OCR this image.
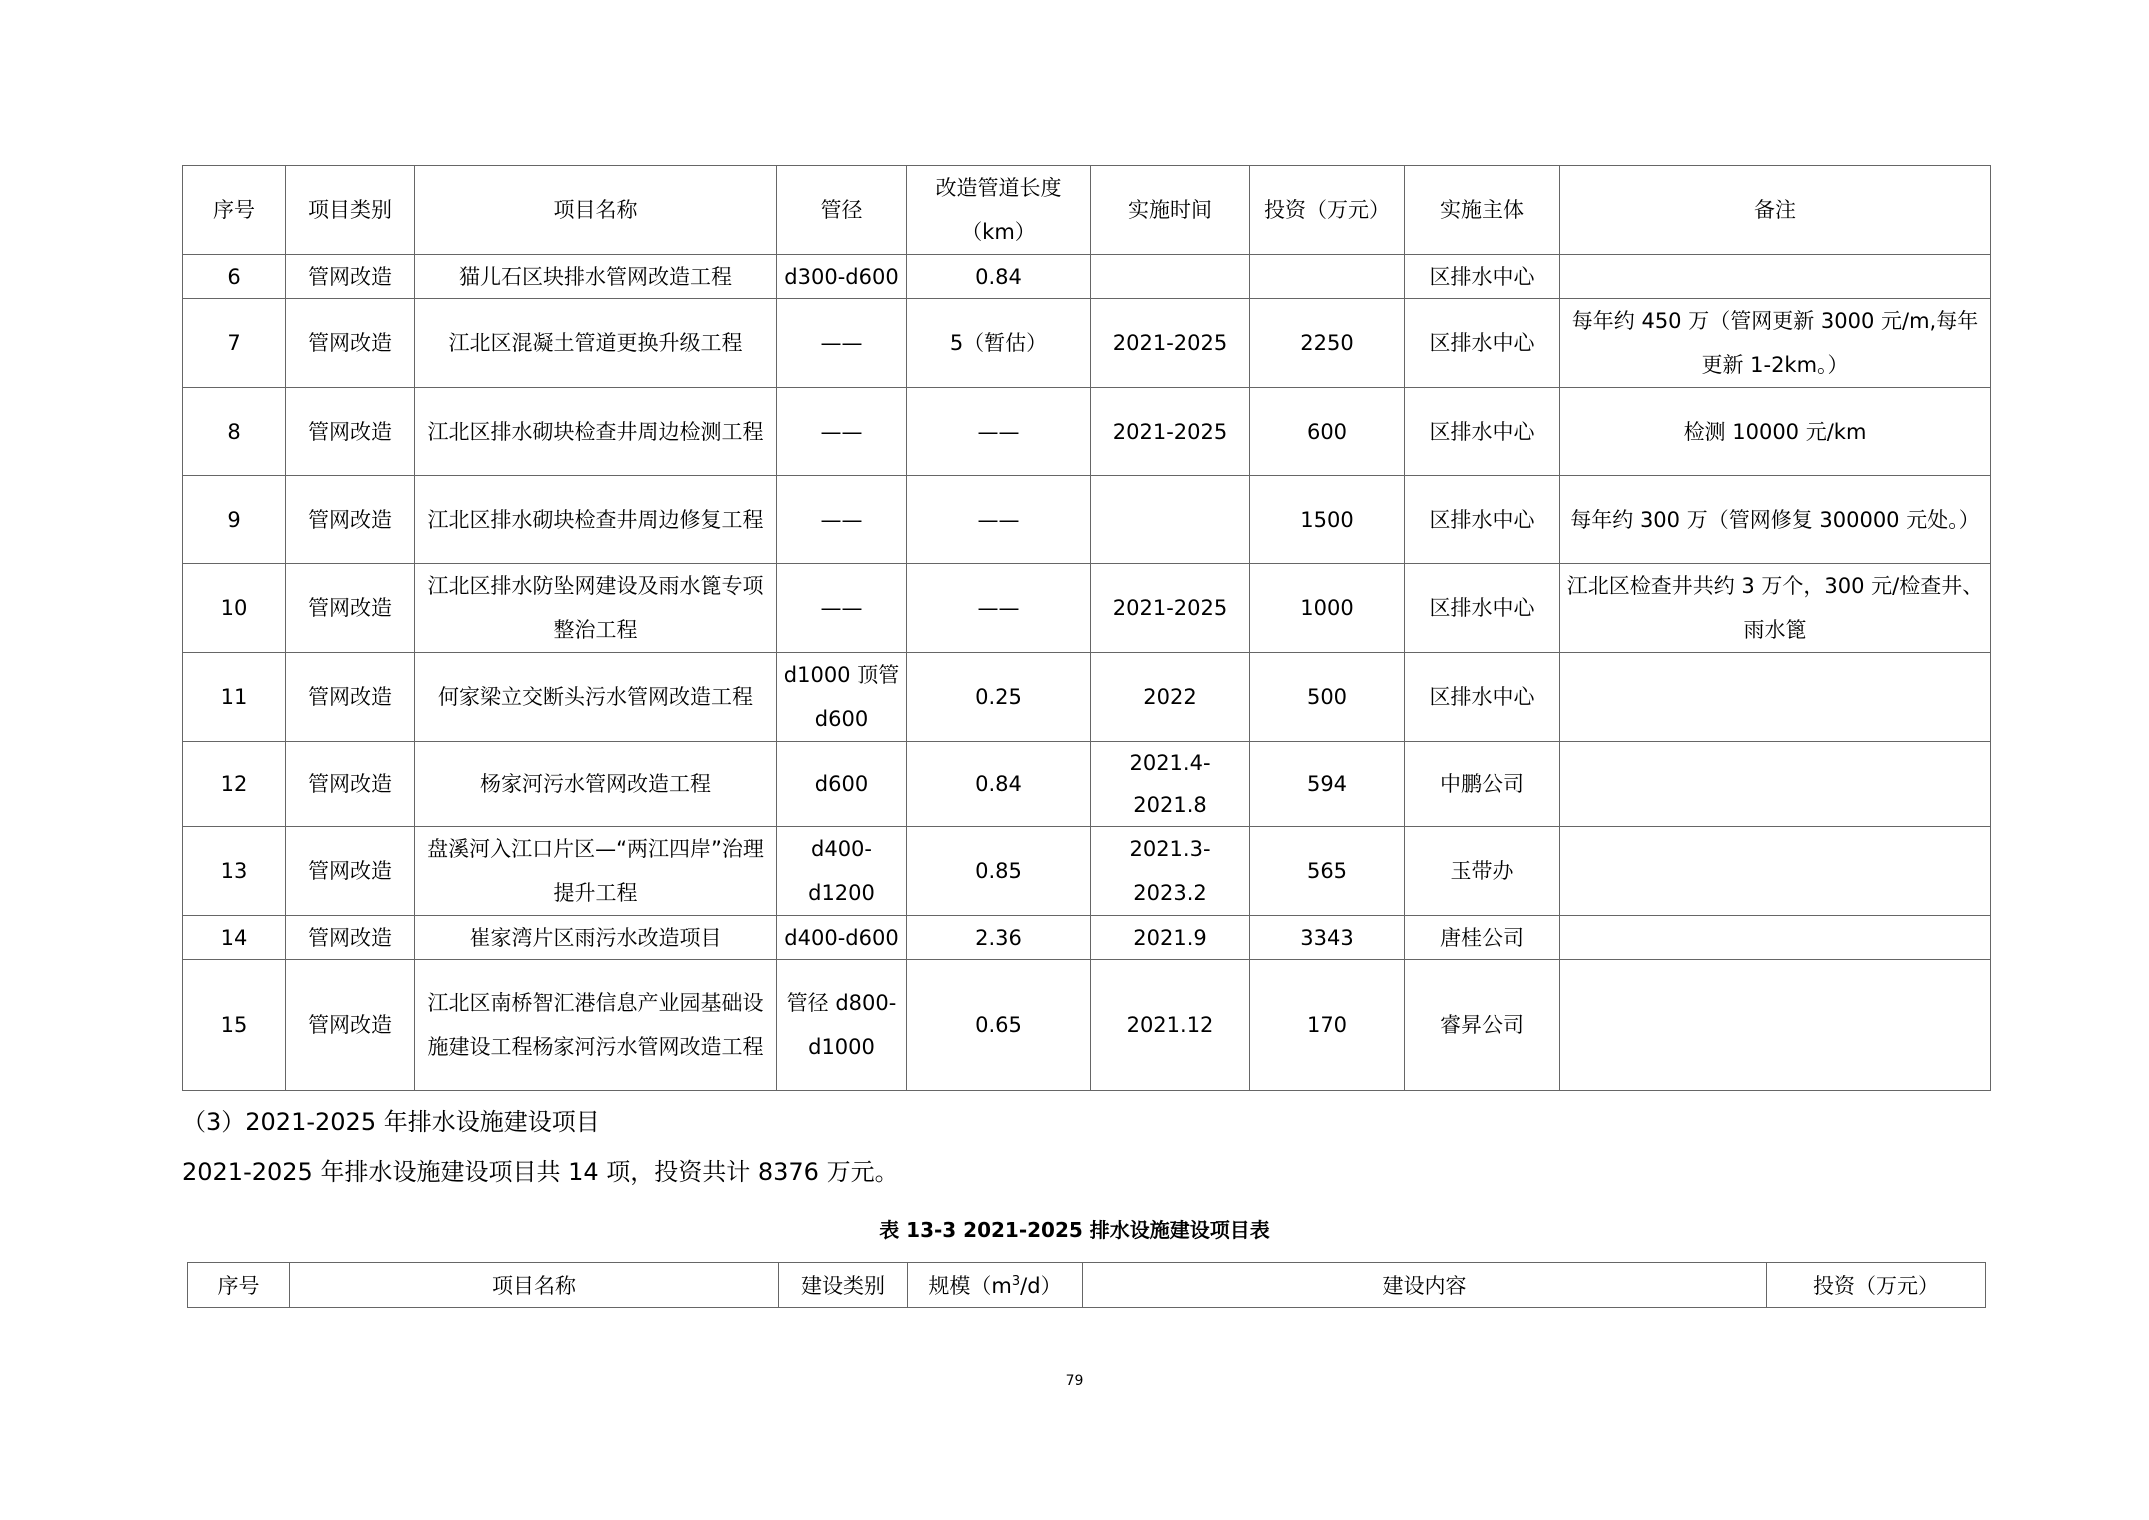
序号	项目类别	项目名称	管径	改造管道长度（km）	实施时间	投资（万元）	实施主体	备注
6	管网改造	猫儿石区块排水管网改造工程	d300-d600	0.84			区排水中心	
7	管网改造	江北区混凝土管道更换升级工程	——	5（暂估）	2021-2025	2250	区排水中心	每年约 450 万（管网更新 3000 元/m,每年更新 1-2km。）
8	管网改造	江北区排水砌块检查井周边检测工程	——	——	2021-2025	600	区排水中心	检测 10000 元/km
9	管网改造	江北区排水砌块检查井周边修复工程	——	——		1500	区排水中心	每年约 300 万（管网修复 300000 元处。）
10	管网改造	江北区排水防坠网建设及雨水篦专项整治工程	——	——	2021-2025	1000	区排水中心	江北区检查井共约 3 万个，300 元/检查井、雨水篦
11	管网改造	何家梁立交断头污水管网改造工程	d1000 顶管 d600	0.25	2022	500	区排水中心	
12	管网改造	杨家河污水管网改造工程	d600	0.84	2021.4-2021.8	594	中鹏公司	
13	管网改造	盘溪河入江口片区—“两江四岸”治理提升工程	d400-d1200	0.85	2021.3-2023.2	565	玉带办	
14	管网改造	崔家湾片区雨污水改造项目	d400-d600	2.36	2021.9	3343	唐桂公司	
15	管网改造	江北区南桥智汇港信息产业园基础设施建设工程杨家河污水管网改造工程	管径 d800-d1000	0.65	2021.12	170	睿昇公司	
（3）2021-2025 年排水设施建设项目
2021-2025 年排水设施建设项目共 14 项，投资共计 8376 万元。
表 13-3 2021-2025 排水设施建设项目表
序号	项目名称	建设类别	规模$(m^3/d)$	建设内容	投资（万元）
79
